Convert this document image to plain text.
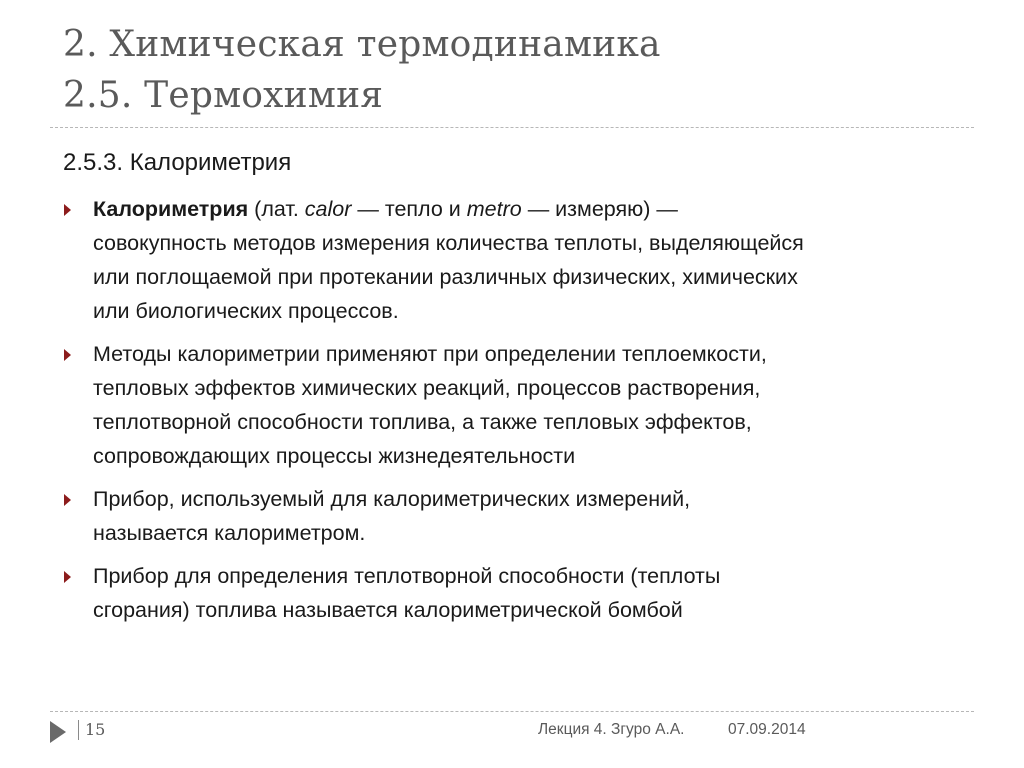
2. Химическая термодинамика
2.5. Термохимия
2.5.3. Калориметрия
Калориметрия (лат. calor — тепло и metro — измеряю) —
совокупность методов измерения количества теплоты, выделяющейся
или поглощаемой при протекании различных физических, химических
или биологических процессов.
Методы калориметрии применяют при определении теплоемкости,
тепловых эффектов химических реакций, процессов растворения,
теплотворной способности топлива, а также тепловых эффектов,
сопровождающих процессы жизнедеятельности
Прибор, используемый для калориметрических измерений,
называется калориметром.
Прибор для определения теплотворной способности (теплоты
сгорания) топлива называется калориметрической бомбой
15	Лекция 4. Згуро А.А.	07.09.2014
